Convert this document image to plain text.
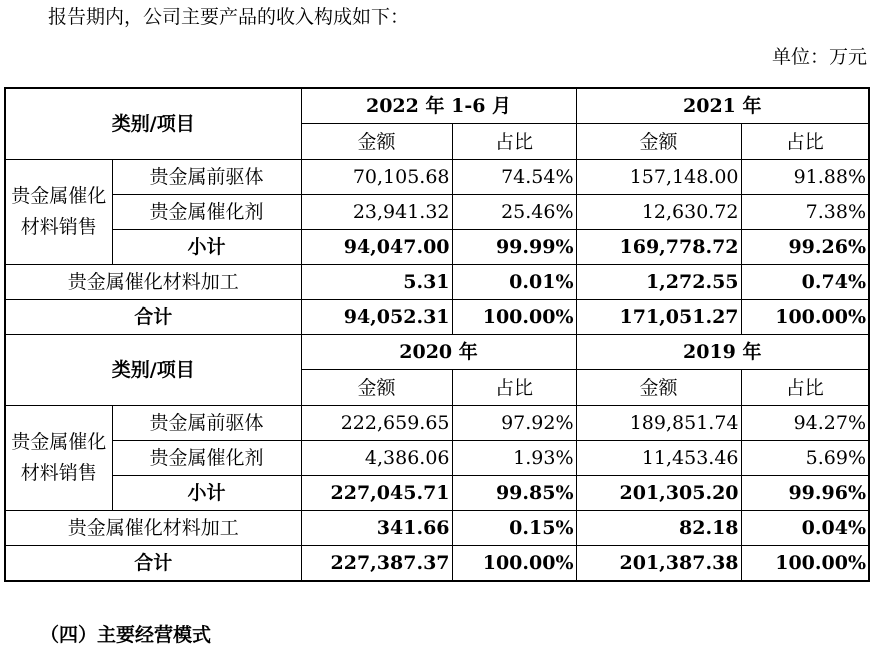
报告期内，公司主要产品的收入构成如下：
单位：万元
类别/项目		2022 年 1-6 月		2021 年	
		金额	占比	金额	占比
贵金属催化材料销售	贵金属前驱体	70,105.68	74.54%	157,148.00	91.88%
	贵金属催化剂	23,941.32	25.46%	12,630.72	7.38%
	小计	94,047.00	99.99%	169,778.72	99.26%
贵金属催化材料加工		5.31	0.01%	1,272.55	0.74%
合计		94,052.31	100.00%	171,051.27	100.00%
类别/项目		2020 年		2019 年	
		金额	占比	金额	占比
贵金属催化材料销售	贵金属前驱体	222,659.65	97.92%	189,851.74	94.27%
	贵金属催化剂	4,386.06	1.93%	11,453.46	5.69%
	小计	227,045.71	99.85%	201,305.20	99.96%
贵金属催化材料加工		341.66	0.15%	82.18	0.04%
合计		227,387.37	100.00%	201,387.38	100.00%
（四）主要经营模式
